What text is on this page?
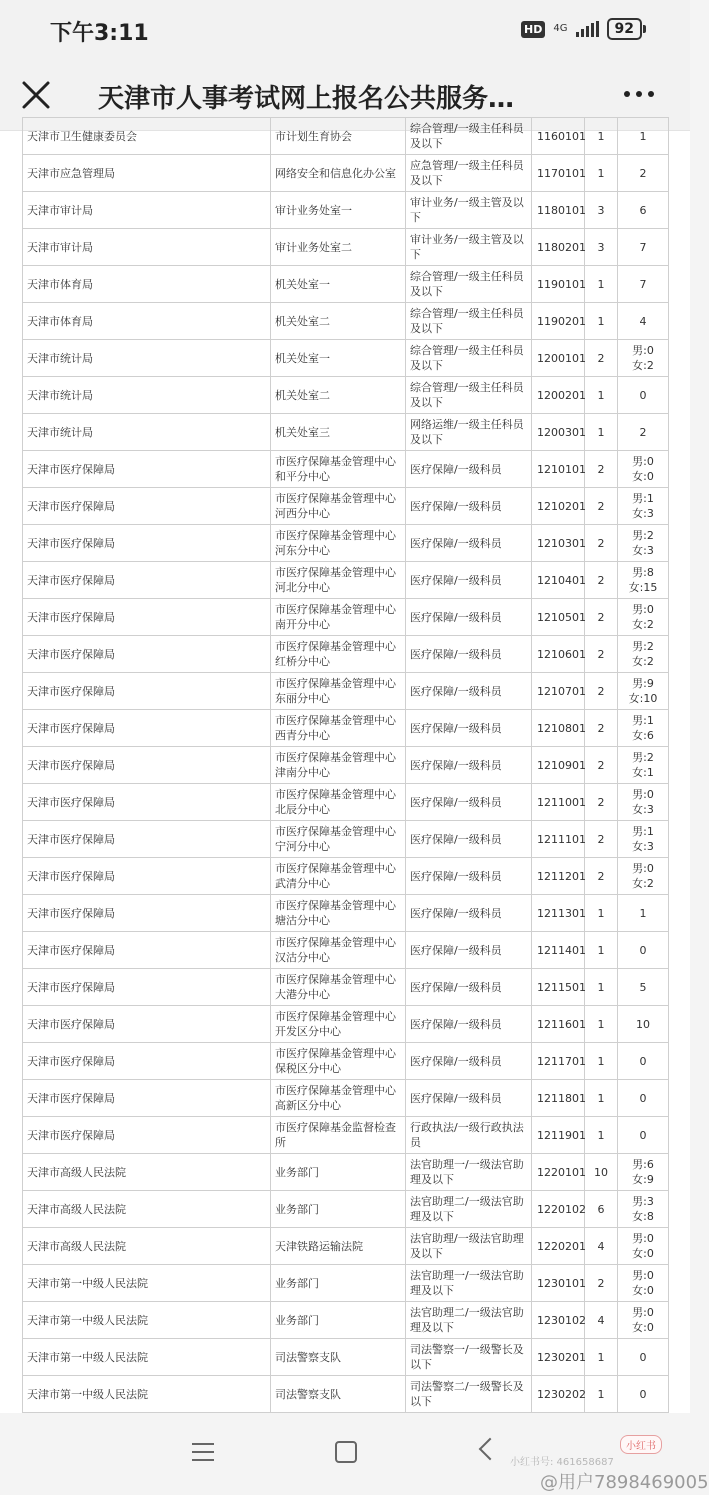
下午3:11	HD	4G	92
天津市人事考试网上报名公共服务…
天津市卫生健康委员会	市计划生育协会	综合管理/一级主任科员及以下	1160101	1	1
天津市应急管理局	网络安全和信息化办公室	应急管理/一级主任科员及以下	1170101	1	2
天津市审计局	审计业务处室一	审计业务/一级主管及以下	1180101	3	6
天津市审计局	审计业务处室二	审计业务/一级主管及以下	1180201	3	7
天津市体育局	机关处室一	综合管理/一级主任科员及以下	1190101	1	7
天津市体育局	机关处室二	综合管理/一级主任科员及以下	1190201	1	4
天津市统计局	机关处室一	综合管理/一级主任科员及以下	1200101	2	男:0 女:2
天津市统计局	机关处室二	综合管理/一级主任科员及以下	1200201	1	0
天津市统计局	机关处室三	网络运维/一级主任科员及以下	1200301	1	2
天津市医疗保障局	市医疗保障基金管理中心和平分中心	医疗保障/一级科员	1210101	2	男:0 女:0
天津市医疗保障局	市医疗保障基金管理中心河西分中心	医疗保障/一级科员	1210201	2	男:1 女:3
天津市医疗保障局	市医疗保障基金管理中心河东分中心	医疗保障/一级科员	1210301	2	男:2 女:3
天津市医疗保障局	市医疗保障基金管理中心河北分中心	医疗保障/一级科员	1210401	2	男:8 女:15
天津市医疗保障局	市医疗保障基金管理中心南开分中心	医疗保障/一级科员	1210501	2	男:0 女:2
天津市医疗保障局	市医疗保障基金管理中心红桥分中心	医疗保障/一级科员	1210601	2	男:2 女:2
天津市医疗保障局	市医疗保障基金管理中心东丽分中心	医疗保障/一级科员	1210701	2	男:9 女:10
天津市医疗保障局	市医疗保障基金管理中心西青分中心	医疗保障/一级科员	1210801	2	男:1 女:6
天津市医疗保障局	市医疗保障基金管理中心津南分中心	医疗保障/一级科员	1210901	2	男:2 女:1
天津市医疗保障局	市医疗保障基金管理中心北辰分中心	医疗保障/一级科员	1211001	2	男:0 女:3
天津市医疗保障局	市医疗保障基金管理中心宁河分中心	医疗保障/一级科员	1211101	2	男:1 女:3
天津市医疗保障局	市医疗保障基金管理中心武清分中心	医疗保障/一级科员	1211201	2	男:0 女:2
天津市医疗保障局	市医疗保障基金管理中心塘沽分中心	医疗保障/一级科员	1211301	1	1
天津市医疗保障局	市医疗保障基金管理中心汉沽分中心	医疗保障/一级科员	1211401	1	0
天津市医疗保障局	市医疗保障基金管理中心大港分中心	医疗保障/一级科员	1211501	1	5
天津市医疗保障局	市医疗保障基金管理中心开发区分中心	医疗保障/一级科员	1211601	1	10
天津市医疗保障局	市医疗保障基金管理中心保税区分中心	医疗保障/一级科员	1211701	1	0
天津市医疗保障局	市医疗保障基金管理中心高新区分中心	医疗保障/一级科员	1211801	1	0
天津市医疗保障局	市医疗保障基金监督检查所	行政执法/一级行政执法员	1211901	1	0
天津市高级人民法院	业务部门	法官助理一/一级法官助理及以下	1220101	10	男:6 女:9
天津市高级人民法院	业务部门	法官助理二/一级法官助理及以下	1220102	6	男:3 女:8
天津市高级人民法院	天津铁路运输法院	法官助理/一级法官助理及以下	1220201	4	男:0 女:0
天津市第一中级人民法院	业务部门	法官助理一/一级法官助理及以下	1230101	2	男:0 女:0
天津市第一中级人民法院	业务部门	法官助理二/一级法官助理及以下	1230102	4	男:0 女:0
天津市第一中级人民法院	司法警察支队	司法警察一/一级警长及以下	1230201	1	0
天津市第一中级人民法院	司法警察支队	司法警察二/一级警长及以下	1230202	1	0

小红书
小红书号: 461658687
@用户7898469005
